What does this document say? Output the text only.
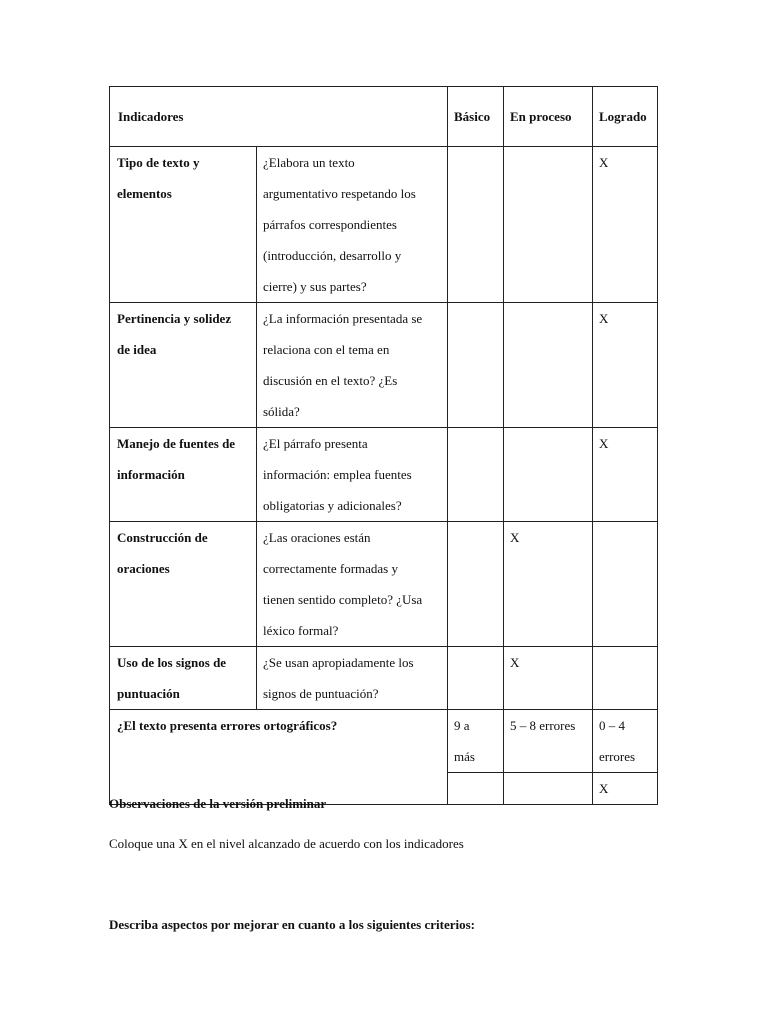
Indicadores		Básico	En proceso	Logrado

Tipo de texto y
elementos	¿Elabora un texto
argumentativo respetando los
párrafos correspondientes
(introducción, desarrollo y
cierre) y sus partes?			X

Pertinencia y solidez
de idea	¿La información presentada se
relaciona con el tema en
discusión en el texto? ¿Es
sólida?			X

Manejo de fuentes de
información	¿El párrafo presenta
información: emplea fuentes
obligatorias y adicionales?			X

Construcción de
oraciones	¿Las oraciones están
correctamente formadas y
tienen sentido completo? ¿Usa
léxico formal?		X	

Uso de los signos de
puntuación	¿Se usan apropiadamente los
signos de puntuación?		X	
¿El texto presenta errores ortográficos?		9 a
más	5 – 8 errores	0 – 4
errores

				X

Observaciones de la versión preliminar

Coloque una X en el nivel alcanzado de acuerdo con los indicadores

Describa aspectos por mejorar en cuanto a los siguientes criterios:
